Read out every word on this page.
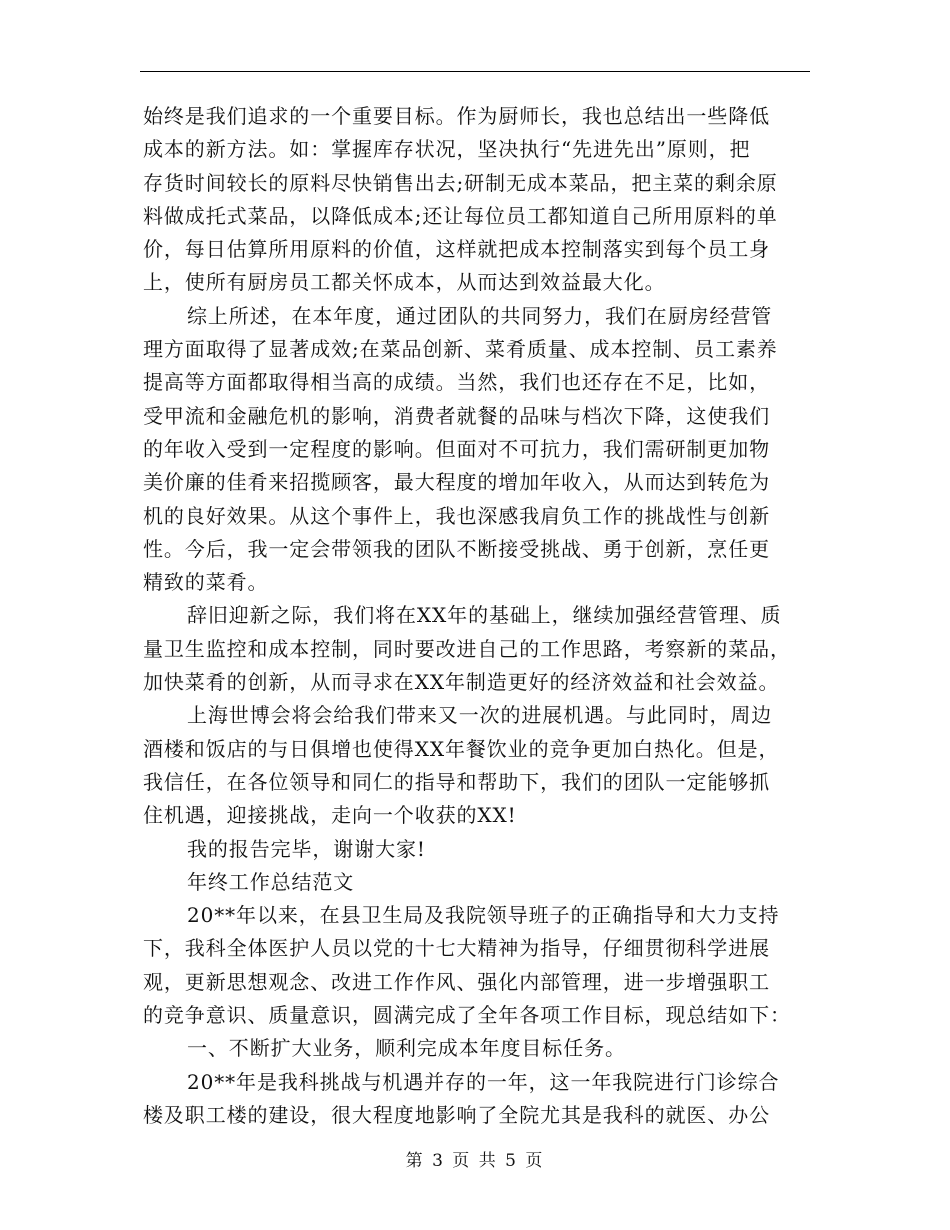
始终是我们追求的一个重要目标。作为厨师长，我也总结出一些降低
成本的新方法。如：掌握库存状况，坚决执行“先进先出”原则，把
存货时间较长的原料尽快销售出去;研制无成本菜品，把主菜的剩余原
料做成托式菜品，以降低成本;还让每位员工都知道自己所用原料的单
价，每日估算所用原料的价值，这样就把成本控制落实到每个员工身
上，使所有厨房员工都关怀成本，从而达到效益最大化。
综上所述，在本年度，通过团队的共同努力，我们在厨房经营管
理方面取得了显著成效;在菜品创新、菜肴质量、成本控制、员工素养
提高等方面都取得相当高的成绩。当然，我们也还存在不足，比如，
受甲流和金融危机的影响，消费者就餐的品味与档次下降，这使我们
的年收入受到一定程度的影响。但面对不可抗力，我们需研制更加物
美价廉的佳肴来招揽顾客，最大程度的增加年收入，从而达到转危为
机的良好效果。从这个事件上，我也深感我肩负工作的挑战性与创新
性。今后，我一定会带领我的团队不断接受挑战、勇于创新，烹任更
精致的菜肴。
辞旧迎新之际，我们将在XX年的基础上，继续加强经营管理、质
量卫生监控和成本控制，同时要改进自己的工作思路，考察新的菜品，
加快菜肴的创新，从而寻求在XX年制造更好的经济效益和社会效益。
上海世博会将会给我们带来又一次的进展机遇。与此同时，周边
酒楼和饭店的与日俱增也使得XX年餐饮业的竞争更加白热化。但是，
我信任，在各位领导和同仁的指导和帮助下，我们的团队一定能够抓
住机遇，迎接挑战，走向一个收获的XX!
我的报告完毕，谢谢大家!
年终工作总结范文
20**年以来，在县卫生局及我院领导班子的正确指导和大力支持
下，我科全体医护人员以党的十七大精神为指导，仔细贯彻科学进展
观，更新思想观念、改进工作作风、强化内部管理，进一步增强职工
的竞争意识、质量意识，圆满完成了全年各项工作目标，现总结如下：
一、不断扩大业务，顺利完成本年度目标任务。
20**年是我科挑战与机遇并存的一年，这一年我院进行门诊综合
楼及职工楼的建设，很大程度地影响了全院尤其是我科的就医、办公
第 3 页 共 5 页
